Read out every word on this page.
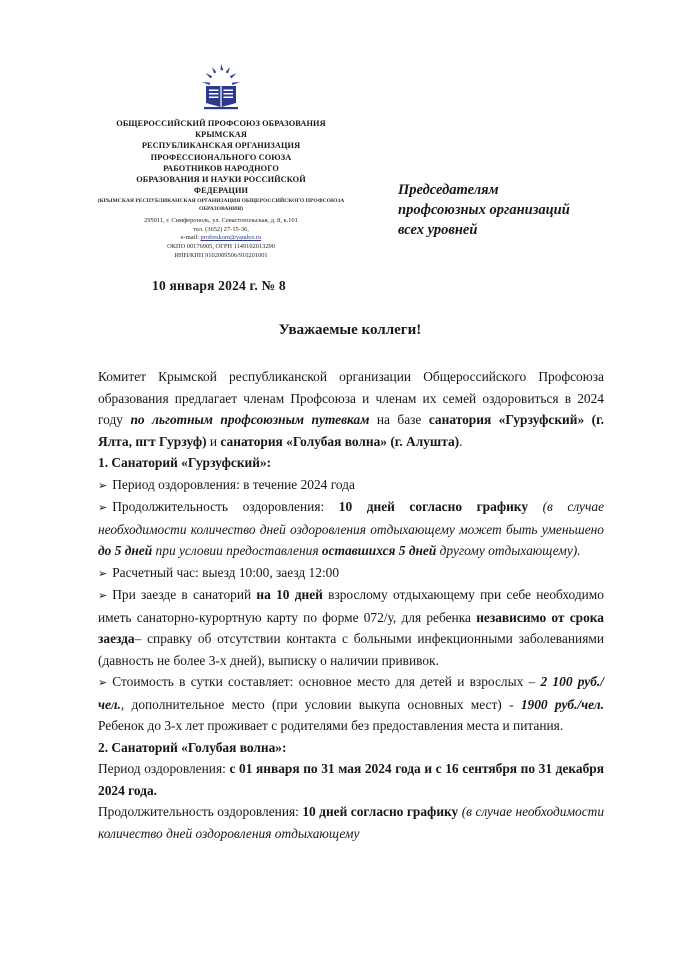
ОБЩЕРОССИЙСКИЙ ПРОФСОЮЗ ОБРАЗОВАНИЯ
КРЫМСКАЯ
РЕСПУБЛИКАНСКАЯ ОРГАНИЗАЦИЯ
ПРОФЕССИОНАЛЬНОГО СОЮЗА
РАБОТНИКОВ НАРОДНОГО
ОБРАЗОВАНИЯ И НАУКИ РОССИЙСКОЙ
ФЕДЕРАЦИИ
(КРЫМСКАЯ РЕСПУБЛИКАНСКАЯ ОРГАНИЗАЦИЯ ОБЩЕРОССИЙСКОГО ПРОФСОЮЗА ОБРАЗОВАНИЯ)
295011, г. Симферополь, ул. Севастопольская, д. 8, к.101
тел. (3652) 27-15-36,
e-mail: profreskom@yandex.ru
ОКПО 00176905, ОГРН 1149102013290
ИНН/КПП 9102009506/910201001
Председателям
профсоюзных организаций
всех уровней
10 января 2024 г. № 8
Уважаемые коллеги!

Комитет Крымской республиканской организации Общероссийского Профсоюза образования предлагает членам Профсоюза и членам их семей оздоровиться в 2024 году по льготным профсоюзным путевкам на базе санатория «Гурзуфский» (г. Ялта, пгт Гурзуф) и санатория «Голубая волна» (г. Алушта).

1. Санаторий «Гурзуфский»:

➢ Период оздоровления: в течение 2024 года

➢ Продолжительность оздоровления: 10 дней согласно графику (в случае необходимости количество дней оздоровления отдыхающему может быть уменьшено до 5 дней при условии предоставления оставшихся 5 дней другому отдыхающему).

➢ Расчетный час: выезд 10:00, заезд 12:00

➢ При заезде в санаторий на 10 дней взрослому отдыхающему при себе необходимо иметь санаторно-курортную карту по форме 072/у, для ребенка независимо от срока заезда– справку об отсутствии контакта с больными инфекционными заболеваниями (давность не более 3-х дней), выписку о наличии прививок.

➢ Стоимость в сутки составляет: основное место для детей и взрослых – 2 100 руб./чел., дополнительное место (при условии выкупа основных мест) - 1900 руб./чел. Ребенок до 3-х лет проживает с родителями без предоставления места и питания.

2. Санаторий «Голубая волна»:

Период оздоровления: с 01 января по 31 мая 2024 года и с 16 сентября по 31 декабря 2024 года.

Продолжительность оздоровления: 10 дней согласно графику (в случае необходимости количество дней оздоровления отдыхающему
